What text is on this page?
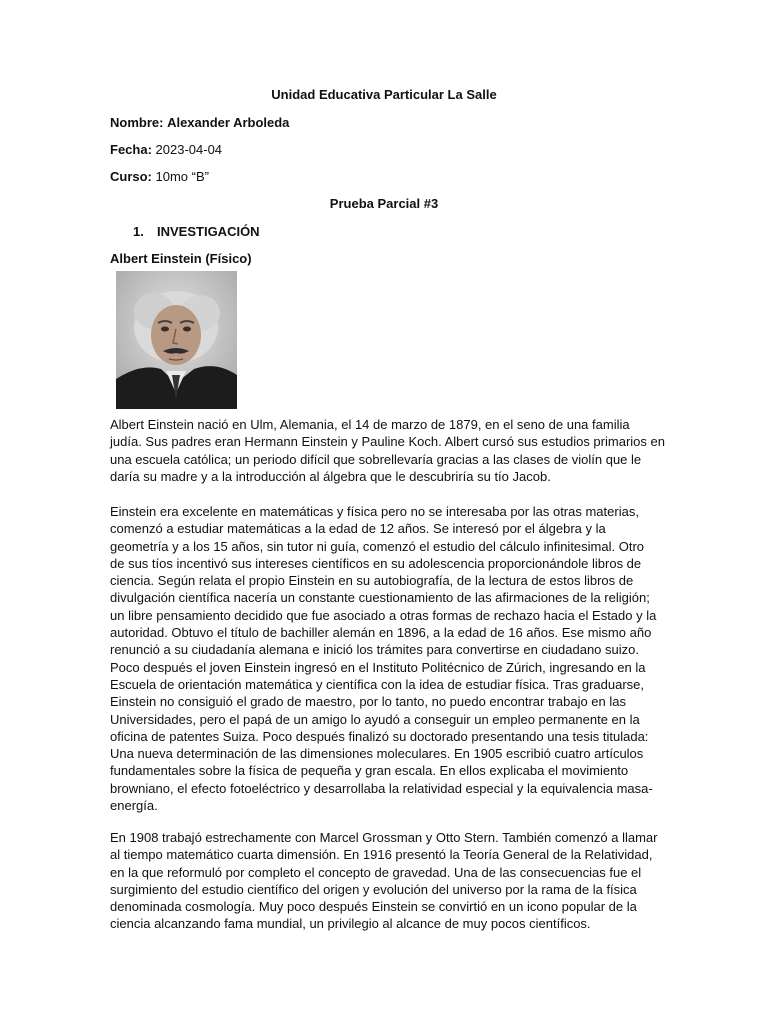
Unidad Educativa Particular La Salle
Nombre: Alexander Arboleda
Fecha: 2023-04-04
Curso: 10mo “B”
Prueba Parcial #3
1. INVESTIGACIÓN
Albert Einstein (Físico)
Albert Einstein nació en Ulm, Alemania, el 14 de marzo de 1879, en el seno de una familia
judía. Sus padres eran Hermann Einstein y Pauline Koch. Albert cursó sus estudios primarios en
una escuela católica; un periodo difícil que sobrellevaría gracias a las clases de violín que le
daría su madre y a la introducción al álgebra que le descubriría su tío Jacob.
Einstein era excelente en matemáticas y física pero no se interesaba por las otras materias,
comenzó a estudiar matemáticas a la edad de 12 años. Se interesó por el álgebra y la
geometría y a los 15 años, sin tutor ni guía, comenzó el estudio del cálculo infinitesimal. Otro
de sus tíos incentivó sus intereses científicos en su adolescencia proporcionándole libros de
ciencia. Según relata el propio Einstein en su autobiografía, de la lectura de estos libros de
divulgación científica nacería un constante cuestionamiento de las afirmaciones de la religión;
un libre pensamiento decidido que fue asociado a otras formas de rechazo hacia el Estado y la
autoridad. Obtuvo el título de bachiller alemán en 1896, a la edad de 16 años. Ese mismo año
renunció a su ciudadanía alemana e inició los trámites para convertirse en ciudadano suizo.
Poco después el joven Einstein ingresó en el Instituto Politécnico de Zúrich, ingresando en la
Escuela de orientación matemática y científica con la idea de estudiar física. Tras graduarse,
Einstein no consiguió el grado de maestro, por lo tanto, no puedo encontrar trabajo en las
Universidades, pero el papá de un amigo lo ayudó a conseguir un empleo permanente en la
oficina de patentes Suiza. Poco después finalizó su doctorado presentando una tesis titulada:
Una nueva determinación de las dimensiones moleculares. En 1905 escribió cuatro artículos
fundamentales sobre la física de pequeña y gran escala. En ellos explicaba el movimiento
browniano, el efecto fotoeléctrico y desarrollaba la relatividad especial y la equivalencia masa-
energía.
En 1908 trabajó estrechamente con Marcel Grossman y Otto Stern. También comenzó a llamar
al tiempo matemático cuarta dimensión. En 1916 presentó la Teoría General de la Relatividad,
en la que reformuló por completo el concepto de gravedad. Una de las consecuencias fue el
surgimiento del estudio científico del origen y evolución del universo por la rama de la física
denominada cosmología. Muy poco después Einstein se convirtió en un icono popular de la
ciencia alcanzando fama mundial, un privilegio al alcance de muy pocos científicos.
